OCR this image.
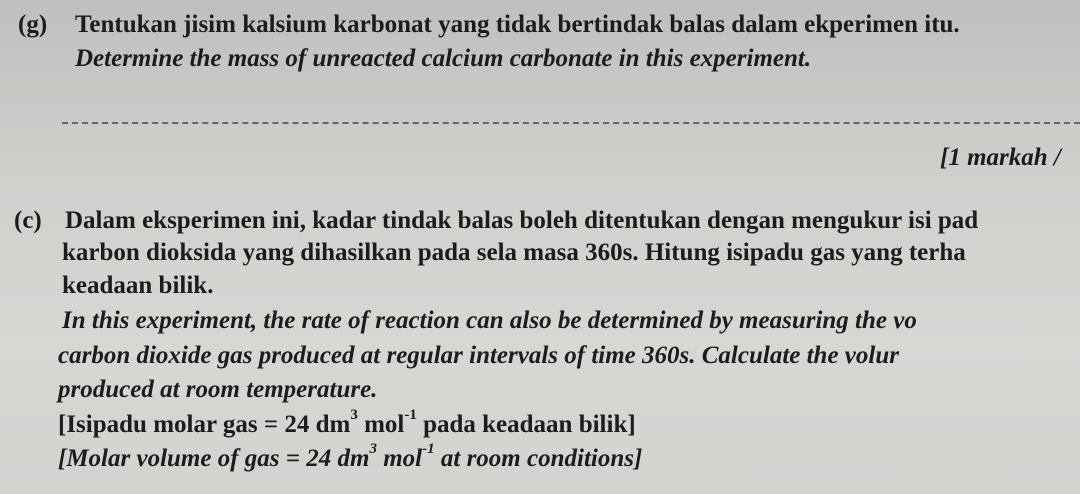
(g) Tentukan jisim kalsium karbonat yang tidak bertindak balas dalam ekperimen itu.
Determine the mass of unreacted calcium carbonate in this experiment.
[1 markah /
(c) Dalam eksperimen ini, kadar tindak balas boleh ditentukan dengan mengukur isi pad
karbon dioksida yang dihasilkan pada sela masa 360s. Hitung isipadu gas yang terha
keadaan bilik.
In this experiment, the rate of reaction can also be determined by measuring the vo
carbon dioxide gas produced at regular intervals of time 360s. Calculate the volur
produced at room temperature.
[Isipadu molar gas = 24 $dm^3$ mol$^{-1}$ pada keadaan bilik]
[Molar volume of gas = 24 $dm^3$ mol$^{-1}$ at room conditions]
